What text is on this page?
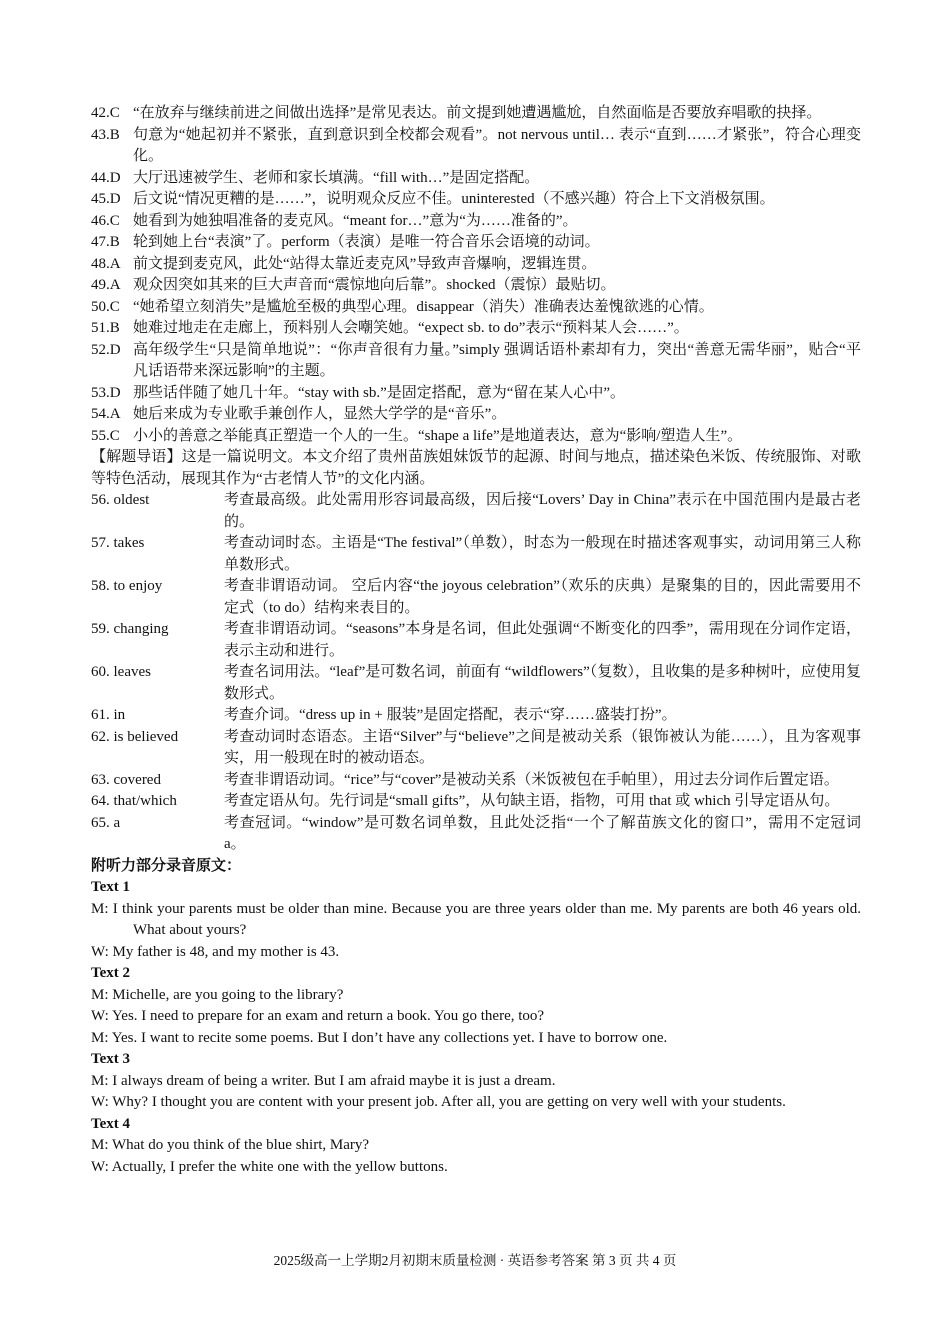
42.C “在放弃与继续前进之间做出选择”是常见表达。前文提到她遭遇尴尬，自然面临是否要放弃唱歌的抉择。
43.B 句意为“她起初并不紧张，直到意识到全校都会观看”。not nervous until… 表示“直到……才紧张”，符合心理变化。
44.D 大厅迅速被学生、老师和家长填满。“fill with…”是固定搭配。
45.D 后文说“情况更糟的是……”，说明观众反应不佳。uninterested（不感兴趣）符合上下文消极氛围。
46.C 她看到为她独唱准备的麦克风。“meant for…”意为“为……准备的”。
47.B 轮到她上台“表演”了。perform（表演）是唯一符合音乐会语境的动词。
48.A 前文提到麦克风，此处“站得太靠近麦克风”导致声音爆响，逻辑连贯。
49.A 观众因突如其来的巨大声音而“震惊地向后靠”。shocked（震惊）最贴切。
50.C “她希望立刻消失”是尴尬至极的典型心理。disappear（消失）准确表达羞愧欲逃的心情。
51.B 她难过地走在走廊上，预料别人会嘲笑她。“expect sb. to do”表示“预料某人会……”。
52.D 高年级学生“只是简单地说”：“你声音很有力量。”simply 强调话语朴素却有力，突出“善意无需华丽”，贴合“平凡话语带来深远影响”的主题。
53.D 那些话伴随了她几十年。“stay with sb.”是固定搭配，意为“留在某人心中”。
54.A 她后来成为专业歌手兼创作人，显然大学学的是“音乐”。
55.C 小小的善意之举能真正塑造一个人的一生。“shape a life”是地道表达，意为“影响/塑造人生”。
【解题导语】这是一篇说明文。本文介绍了贵州苗族姐妹饭节的起源、时间与地点，描述染色米饭、传统服饰、对歌等特色活动，展现其作为“古老情人节”的文化内涵。
56. oldest	考查最高级。此处需用形容词最高级，因后接“Lovers’ Day in China”表示在中国范围内是最古老的。
57. takes	考查动词时态。主语是“The festival”（单数），时态为一般现在时描述客观事实，动词用第三人称单数形式。
58. to enjoy	考查非谓语动词。 空后内容“the joyous celebration”（欢乐的庆典）是聚集的目的，因此需要用不定式（to do）结构来表目的。
59. changing	考查非谓语动词。“seasons”本身是名词，但此处强调“不断变化的四季”，需用现在分词作定语，表示主动和进行。
60. leaves	考查名词用法。“leaf”是可数名词，前面有 “wildflowers”（复数），且收集的是多种树叶，应使用复数形式。
61. in	考查介词。“dress up in + 服装”是固定搭配，表示“穿……盛装打扮”。
62. is believed	考查动词时态语态。主语“Silver”与“believe”之间是被动关系（银饰被认为能……），且为客观事实，用一般现在时的被动语态。
63. covered	考查非谓语动词。“rice”与“cover”是被动关系（米饭被包在手帕里），用过去分词作后置定语。
64. that/which	考查定语从句。先行词是“small gifts”，从句缺主语，指物，可用 that 或 which 引导定语从句。
65. a	考查冠词。“window”是可数名词单数，且此处泛指“一个了解苗族文化的窗口”，需用不定冠词 a。
附听力部分录音原文：
Text 1
M: I think your parents must be older than mine. Because you are three years older than me. My parents are both 46 years old. What about yours?
W: My father is 48, and my mother is 43.
Text 2
M: Michelle, are you going to the library?
W: Yes. I need to prepare for an exam and return a book. You go there, too?
M: Yes. I want to recite some poems. But I don’t have any collections yet. I have to borrow one.
Text 3
M: I always dream of being a writer. But I am afraid maybe it is just a dream.
W: Why? I thought you are content with your present job. After all, you are getting on very well with your students.
Text 4
M: What do you think of the blue shirt, Mary?
W: Actually, I prefer the white one with the yellow buttons.
2025级高一上学期2月初期末质量检测 · 英语参考答案 第 3 页 共 4 页
